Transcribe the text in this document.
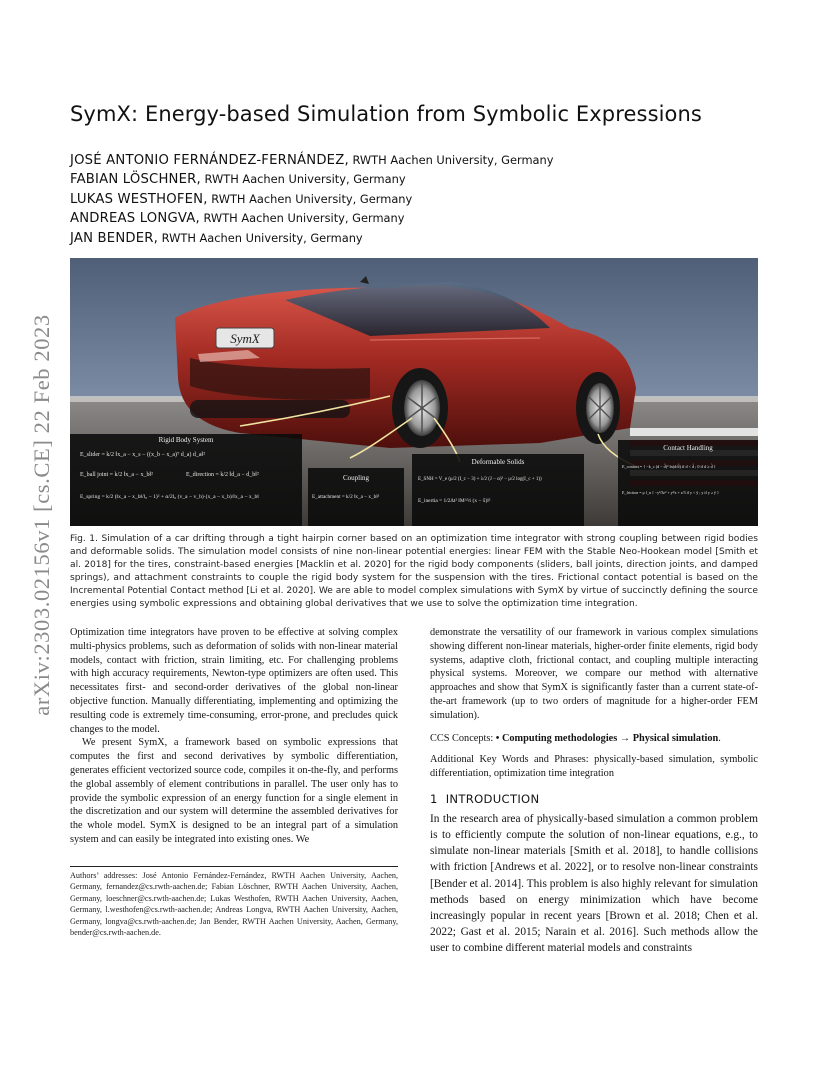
arXiv:2303.02156v1 [cs.CE] 22 Feb 2023
SymX: Energy-based Simulation from Symbolic Expressions
JOSÉ ANTONIO FERNÁNDEZ-FERNÁNDEZ, RWTH Aachen University, Germany
FABIAN LÖSCHNER, RWTH Aachen University, Germany
LUKAS WESTHOFEN, RWTH Aachen University, Germany
ANDREAS LONGVA, RWTH Aachen University, Germany
JAN BENDER, RWTH Aachen University, Germany
SymX
Rigid Body System
E_slider = k/2 ‖x_a − x_s − ((x_b − x_a)ᵀ d_a) d_a‖²
E_ball joint = k/2 ‖x_a − x_b‖²	E_direction = k/2 ‖d_a − d_b‖²
E_spring = k/2 (‖x_a − x_b‖/l₀ − 1)² + α/2l₀ (v_a − v_b)·(x_a − x_b)/‖x_a − x_b‖
Coupling
E_attachment = k/2 ‖x_a − x_b‖²
Deformable Solids
E_SNH = V_e (μ/2 (I_c − 3) + λ/2 (J − α)² − μ/2 log(I_c + 1))
E_inertia = 1/2Δt² ‖M^½ (x − x̃)‖²
Contact Handling
E_contact = { −k_c (d − d̂)² ln(d/d̂) if d < d̂ ; 0 if d ≥ d̂ }
E_friction = μ f_n { −y³/3ε² + y²/ε + ε/3 if y < ŷ ; y if y ≥ ŷ }
Fig. 1. Simulation of a car drifting through a tight hairpin corner based on an optimization time integrator with strong coupling between rigid bodies and deformable solids. The simulation model consists of nine non-linear potential energies: linear FEM with the Stable Neo-Hookean model [Smith et al. 2018] for the tires, constraint-based energies [Macklin et al. 2020] for the rigid body components (sliders, ball joints, direction joints, and damped springs), and attachment constraints to couple the rigid body system for the suspension with the tires. Frictional contact potential is based on the Incremental Potential Contact method [Li et al. 2020]. We are able to model complex simulations with SymX by virtue of succinctly defining the source energies using symbolic expressions and obtaining global derivatives that we use to solve the optimization time integration.

Optimization time integrators have proven to be effective at solving complex multi-physics problems, such as deformation of solids with non-linear material models, contact with friction, strain limiting, etc. For challenging problems with high accuracy requirements, Newton-type optimizers are often used. This necessitates first- and second-order derivatives of the global non-linear objective function. Manually differentiating, implementing and optimizing the resulting code is extremely time-consuming, error-prone, and precludes quick changes to the model.

We present SymX, a framework based on symbolic expressions that computes the first and second derivatives by symbolic differentiation, generates efficient vectorized source code, compiles it on-the-fly, and performs the global assembly of element contributions in parallel. The user only has to provide the symbolic expression of an energy function for a single element in the discretization and our system will determine the assembled derivatives for the whole model. SymX is designed to be an integral part of a simulation system and can easily be integrated into existing ones. We

demonstrate the versatility of our framework in various complex simulations showing different non-linear materials, higher-order finite elements, rigid body systems, adaptive cloth, frictional contact, and coupling multiple interacting physical systems. Moreover, we compare our method with alternative approaches and show that SymX is significantly faster than a current state-of-the-art framework (up to two orders of magnitude for a higher-order FEM simulation).

CCS Concepts: • Computing methodologies → Physical simulation.

Additional Key Words and Phrases: physically-based simulation, symbolic differentiation, optimization time integration

1 INTRODUCTION

In the research area of physically-based simulation a common problem is to efficiently compute the solution of non-linear equations, e.g., to simulate non-linear materials [Smith et al. 2018], to handle collisions with friction [Andrews et al. 2022], or to resolve non-linear constraints [Bender et al. 2014]. This problem is also highly relevant for simulation methods based on energy minimization which have become increasingly popular in recent years [Brown et al. 2018; Chen et al. 2022; Gast et al. 2015; Narain et al. 2016]. Such methods allow the user to combine different material models and constraints

Authors’ addresses: José Antonio Fernández-Fernández, RWTH Aachen University, Aachen, Germany, fernandez@cs.rwth-aachen.de; Fabian Löschner, RWTH Aachen University, Aachen, Germany, loeschner@cs.rwth-aachen.de; Lukas Westhofen, RWTH Aachen University, Aachen, Germany, l.westhofen@cs.rwth-aachen.de; Andreas Longva, RWTH Aachen University, Aachen, Germany, longva@cs.rwth-aachen.de; Jan Bender, RWTH Aachen University, Aachen, Germany, bender@cs.rwth-aachen.de.
